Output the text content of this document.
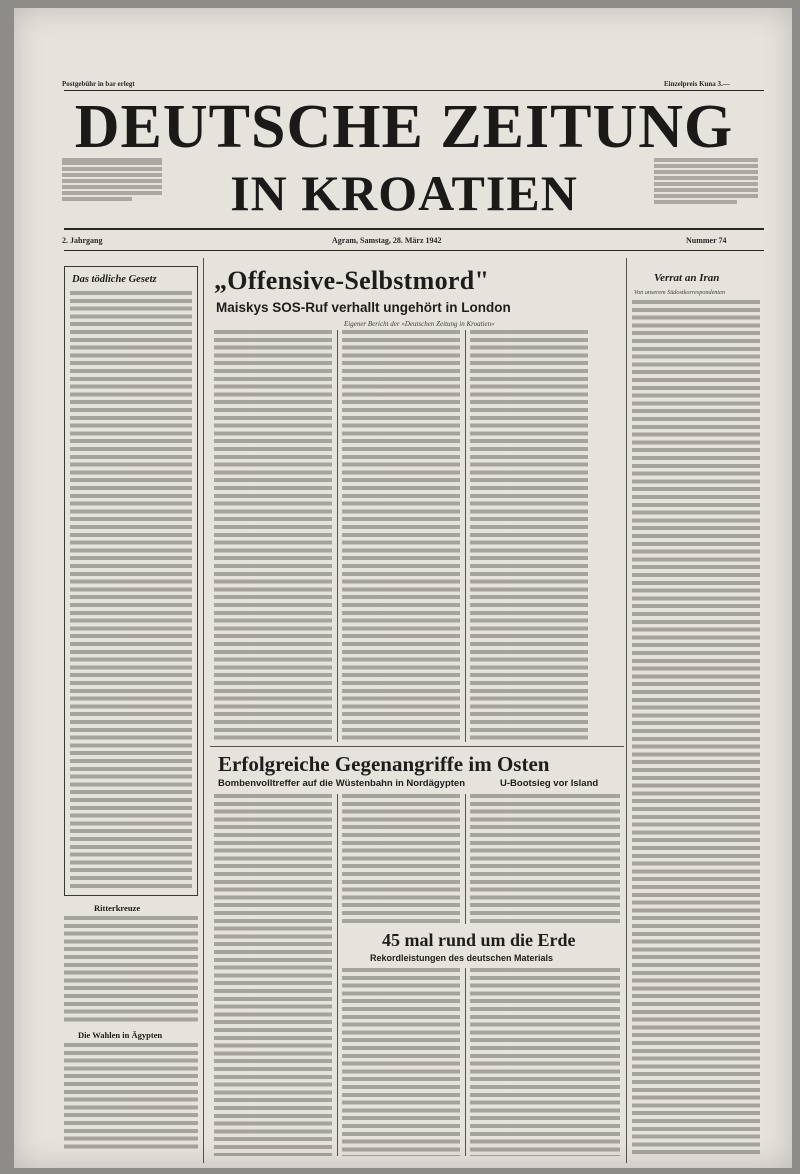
Postgebühr in bar erlegt	Einzelpreis Kuna 3.—
DEUTSCHE ZEITUNG
IN KROATIEN
2. Jahrgang	Agram, Samstag, 28. März 1942	Nummer 74
Das tödliche Gesetz
Ritterkreuze
Die Wahlen in Ägypten
„Offensive-Selbstmord"
Maiskys SOS-Ruf verhallt ungehört in London
Eigener Bericht der »Deutschen Zeitung in Kroatien«
Erfolgreiche Gegenangriffe im Osten
Bombenvolltreffer auf die Wüstenbahn in Nordägypten	U-Bootsieg vor Island
45 mal rund um die Erde
Rekordleistungen des deutschen Materials
Verrat an Iran
Von unserem Südostkorrespondenten
